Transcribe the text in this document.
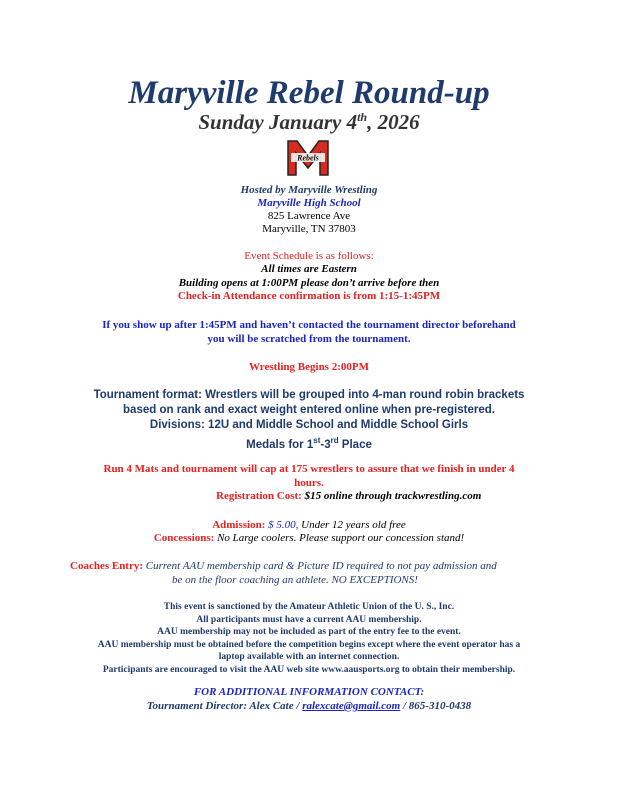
Maryville Rebel Round-up
Sunday January 4th, 2026
Rebels
Hosted by Maryville Wrestling
Maryville High School
825 Lawrence Ave
Maryville, TN 37803
Event Schedule is as follows:
All times are Eastern
Building opens at 1:00PM please don’t arrive before then
Check-in Attendance confirmation is from 1:15-1:45PM
If you show up after 1:45PM and haven’t contacted the tournament director beforehand
you will be scratched from the tournament.
Wrestling Begins 2:00PM
Tournament format: Wrestlers will be grouped into 4-man round robin brackets
based on rank and exact weight entered online when pre-registered.
Divisions: 12U and Middle School and Middle School Girls
Medals for 1st-3rd Place
Run 4 Mats and tournament will cap at 175 wrestlers to assure that we finish in under 4
hours.
Registration Cost: $15 online through trackwrestling.com
Admission: $ 5.00, Under 12 years old free
Concessions: No Large coolers. Please support our concession stand!
Coaches Entry: Current AAU membership card & Picture ID required to not pay admission and
be on the floor coaching an athlete. NO EXCEPTIONS!
This event is sanctioned by the Amateur Athletic Union of the U. S., Inc.
All participants must have a current AAU membership.
AAU membership may not be included as part of the entry fee to the event.
AAU membership must be obtained before the competition begins except where the event operator has a
laptop available with an internet connection.
Participants are encouraged to visit the AAU web site www.aausports.org to obtain their membership.
FOR ADDITIONAL INFORMATION CONTACT:
Tournament Director: Alex Cate / ralexcate@gmail.com / 865-310-0438
